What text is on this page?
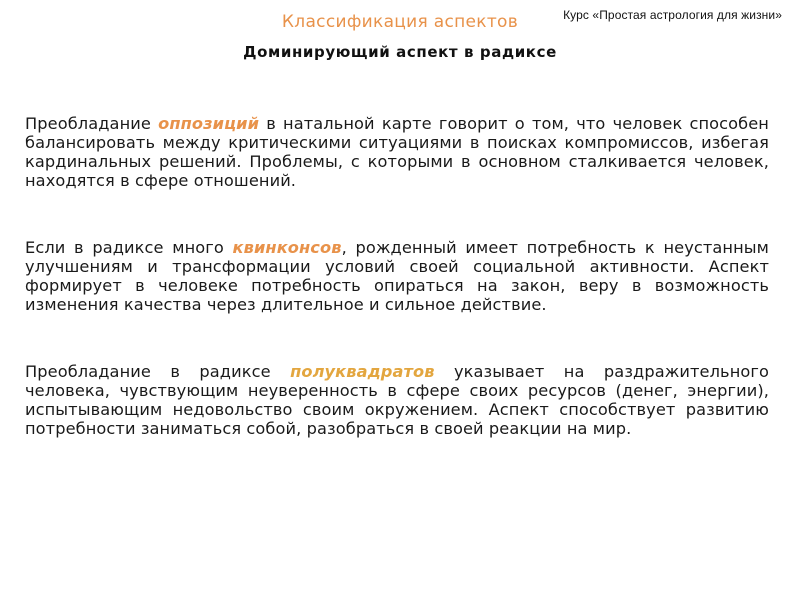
Курс «Простая астрология для жизни»
Классификация аспектов
Доминирующий аспект в радиксе

Преобладание оппозиций в натальной карте говорит о том, что человек способен балансировать между критическими ситуациями в поисках компромиссов, избегая кардинальных решений. Проблемы, с которыми в основном сталкивается человек, находятся в сфере отношений.

Если в радиксе много квинконсов, рожденный имеет потребность к неустанным улучшениям и трансформации условий своей социальной активности. Аспект формирует в человеке потребность опираться на закон, веру в возможность изменения качества через длительное и сильное действие.

Преобладание в радиксе полуквадратов указывает на раздражительного человека, чувствующим неуверенность в сфере своих ресурсов (денег, энергии), испытывающим недовольство своим окружением. Аспект способствует развитию потребности заниматься собой, разобраться в своей реакции на мир.
